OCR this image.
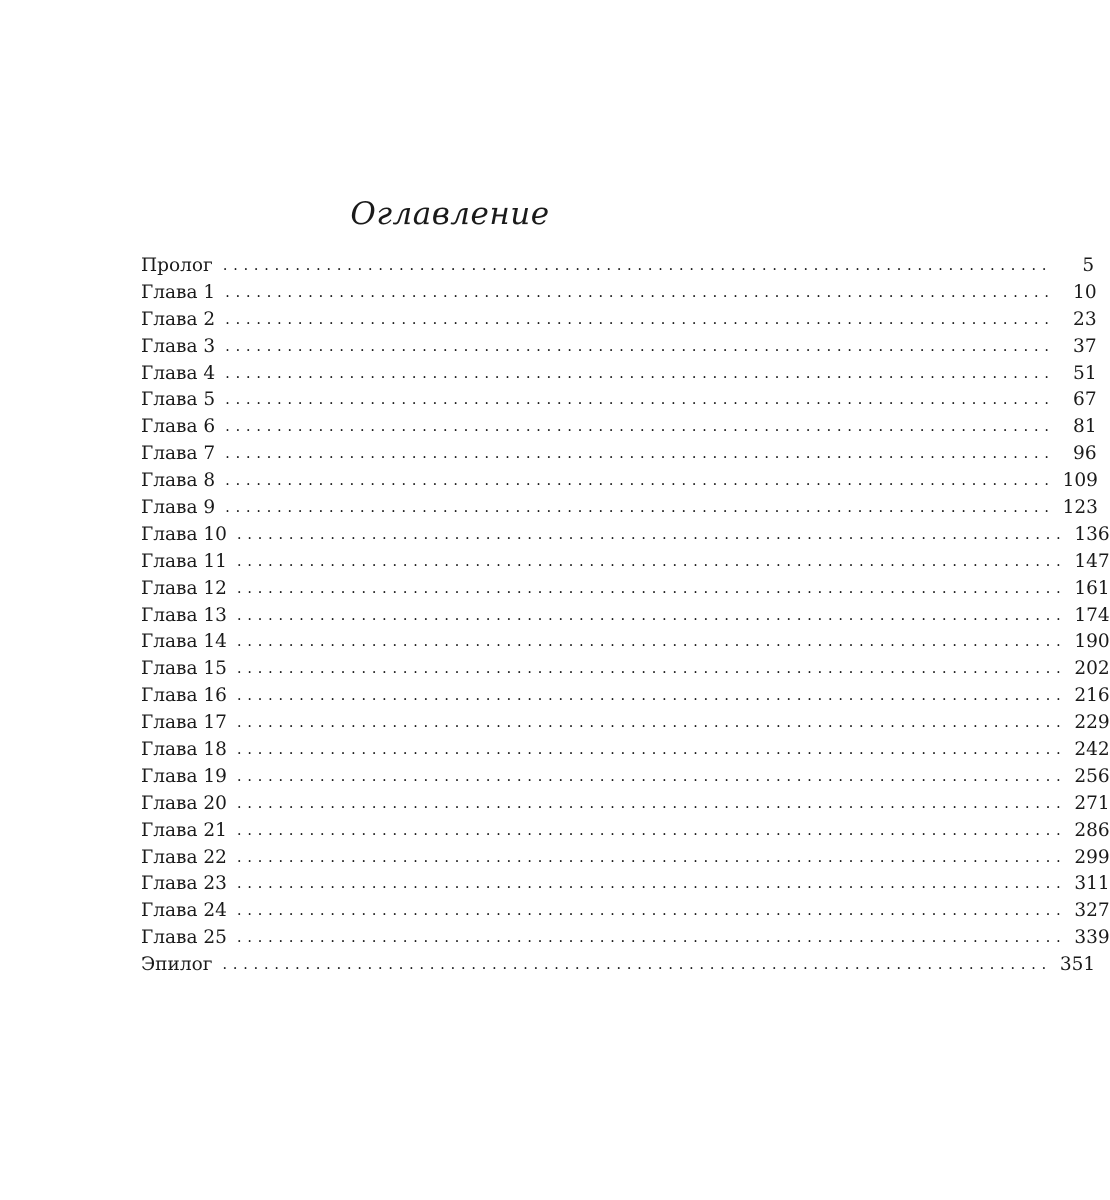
Оглавление
Пролог ................................................................................	5
Глава 1 ................................................................................ 10
Глава 2 ................................................................................ 23
Глава 3 ................................................................................ 37
Глава 4 ................................................................................ 51
Глава 5 ................................................................................ 67
Глава 6 ................................................................................ 81
Глава 7 ................................................................................ 96
Глава 8 ................................................................................ 109
Глава 9 ................................................................................ 123
Глава 10 ................................................................................ 136
Глава 11 ................................................................................ 147
Глава 12 ................................................................................ 161
Глава 13 ................................................................................ 174
Глава 14 ................................................................................ 190
Глава 15 ................................................................................ 202
Глава 16 ................................................................................ 216
Глава 17 ................................................................................ 229
Глава 18 ................................................................................ 242
Глава 19 ................................................................................ 256
Глава 20 ................................................................................ 271
Глава 21 ................................................................................ 286
Глава 22 ................................................................................ 299
Глава 23 ................................................................................ 311
Глава 24 ................................................................................ 327
Глава 25 ................................................................................ 339
Эпилог ................................................................................ 351
